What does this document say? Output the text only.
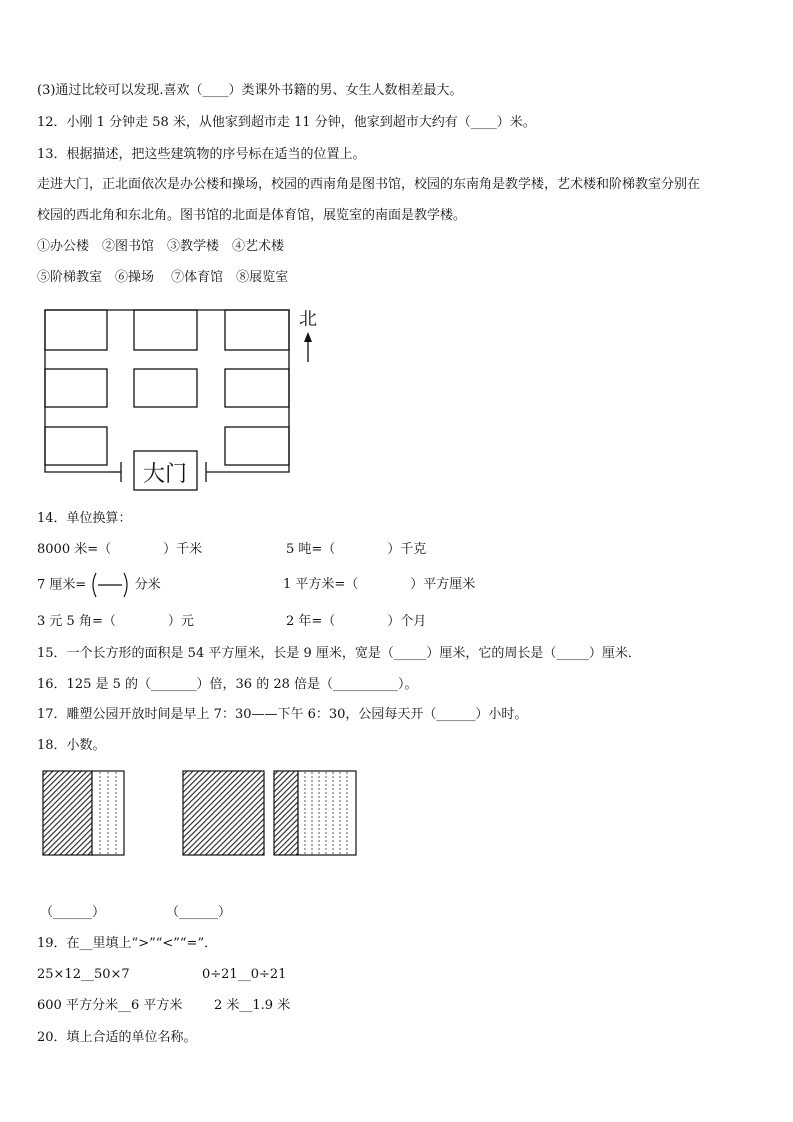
(3)通过比较可以发现.喜欢（____）类课外书籍的男、女生人数相差最大。
12．小刚 1 分钟走 58 米，从他家到超市走 11 分钟，他家到超市大约有（____）米。
13．根据描述，把这些建筑物的序号标在适当的位置上。
走进大门，正北面依次是办公楼和操场，校园的西南角是图书馆，校园的东南角是教学楼，艺术楼和阶梯教室分别在
校园的西北角和东北角。图书馆的北面是体育馆，展览室的南面是教学楼。
①办公楼　②图书馆　③教学楼　④艺术楼
⑤阶梯教室　⑥操场　 ⑦体育馆　⑧展览室
大门
北
14．单位换算：
8000 米=（　　　　）千米	5 吨=（　　　　）千克
7 厘米=	分米	1 平方米=（　　　　）平方厘米
3 元 5 角=（　　　　）元	2 年=（　　　　）个月
15．一个长方形的面积是 54 平方厘米，长是 9 厘米，宽是（_____）厘米，它的周长是（_____）厘米．
16．125 是 5 的（_______）倍，36 的 28 倍是（__________）。
17．雕塑公园开放时间是早上 7：30——下午 6：30，公园每天开（______）小时。
18．小数。
（______）	（______）
19．在__里填上“>”“<”“=”．
25×12__50×7	0÷21__0÷21
600 平方分米__6 平方米 2 米__1.9 米
20．填上合适的单位名称。
